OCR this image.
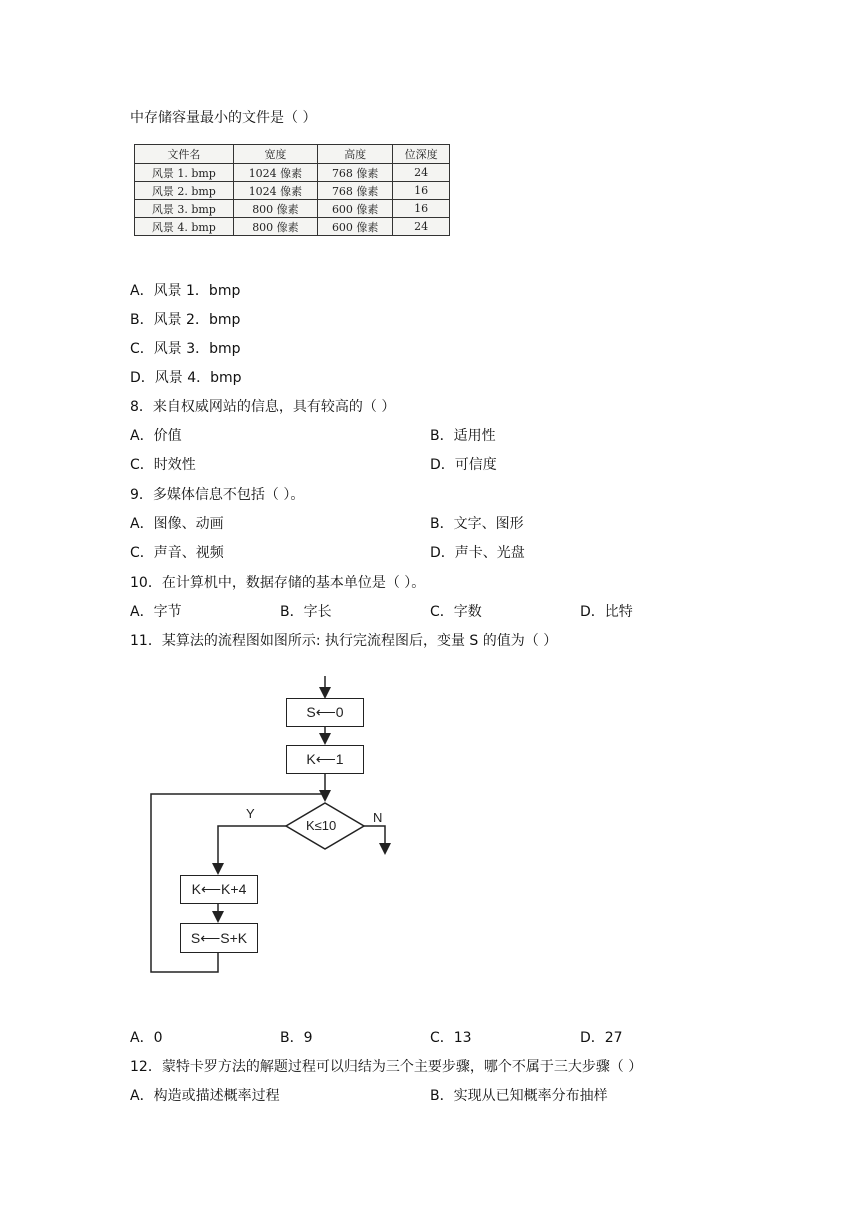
中存储容量最小的文件是（ ）
文件名	宽度	高度	位深度
风景 1. bmp	1024 像素	768 像素	24
风景 2. bmp	1024 像素	768 像素	16
风景 3. bmp	800 像素	600 像素	16
风景 4. bmp	800 像素	600 像素	24
A．风景 1．bmp
B．风景 2．bmp
C．风景 3．bmp
D．风景 4．bmp
8．来自权威网站的信息，具有较高的（ ）
A．价值	B．适用性
C．时效性	D．可信度
9．多媒体信息不包括（ ）。
A．图像、动画	B．文字、图形
C．声音、视频	D．声卡、光盘
10．在计算机中，数据存储的基本单位是（ ）。
A．字节	B．字长	C．字数	D．比特
11．某算法的流程图如图所示: 执行完流程图后，变量 S 的值为（ ）
S⟵0
K⟵1
K≤10
Y	N
K⟵K+4
S⟵S+K
A．0	B．9	C．13	D．27
12．蒙特卡罗方法的解题过程可以归结为三个主要步骤，哪个不属于三大步骤（ ）
A．构造或描述概率过程	B．实现从已知概率分布抽样
